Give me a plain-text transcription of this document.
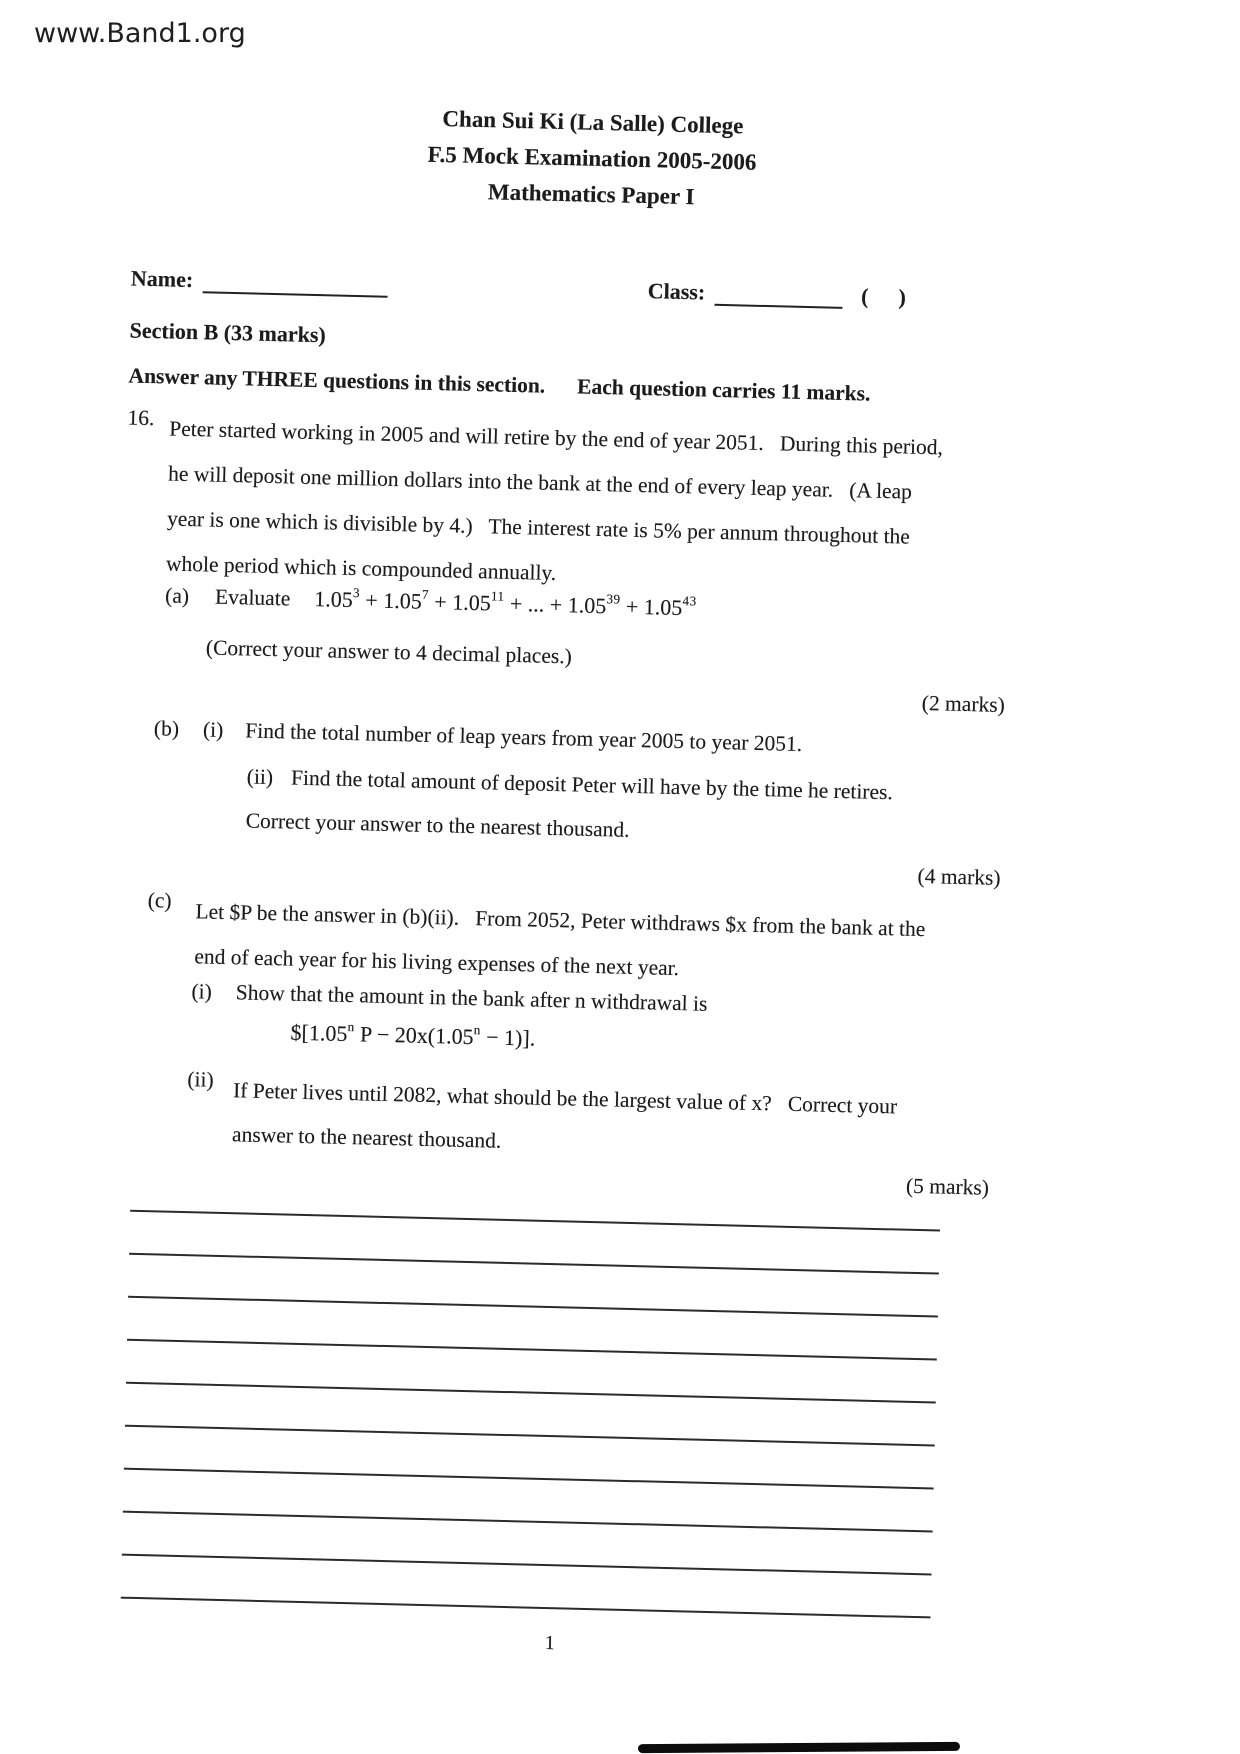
www.Band1.org
Chan Sui Ki (La Salle) College
F.5 Mock Examination 2005-2006
Mathematics Paper I
Name:	Class:	( )
Section B (33 marks)
Answer any THREE questions in this section. Each question carries 11 marks.
16. Peter started working in 2005 and will retire by the end of year 2051.   During this period,
he will deposit one million dollars into the bank at the end of every leap year.   (A leap
year is one which is divisible by 4.)   The interest rate is 5% per annum throughout the
whole period which is compounded annually.
(a) Evaluate $1.05^3 + 1.05^7 + 1.05^{11}$ + ... + $1.05^{39} + 1.05^{43}$
(Correct your answer to 4 decimal places.)
(2 marks)
(b) (i) Find the total number of leap years from year 2005 to year 2051.
(ii) Find the total amount of deposit Peter will have by the time he retires.
Correct your answer to the nearest thousand.
(4 marks)
(c) Let $P be the answer in (b)(ii).   From 2052, Peter withdraws $x from the bank at the
end of each year for his living expenses of the next year.
(i) Show that the amount in the bank after n withdrawal is
$[1.05$^n$ $P - 20x(1.05^n - 1)$].
(ii) If Peter lives until 2082, what should be the largest value of x?   Correct your
answer to the nearest thousand.
(5 marks)
1
